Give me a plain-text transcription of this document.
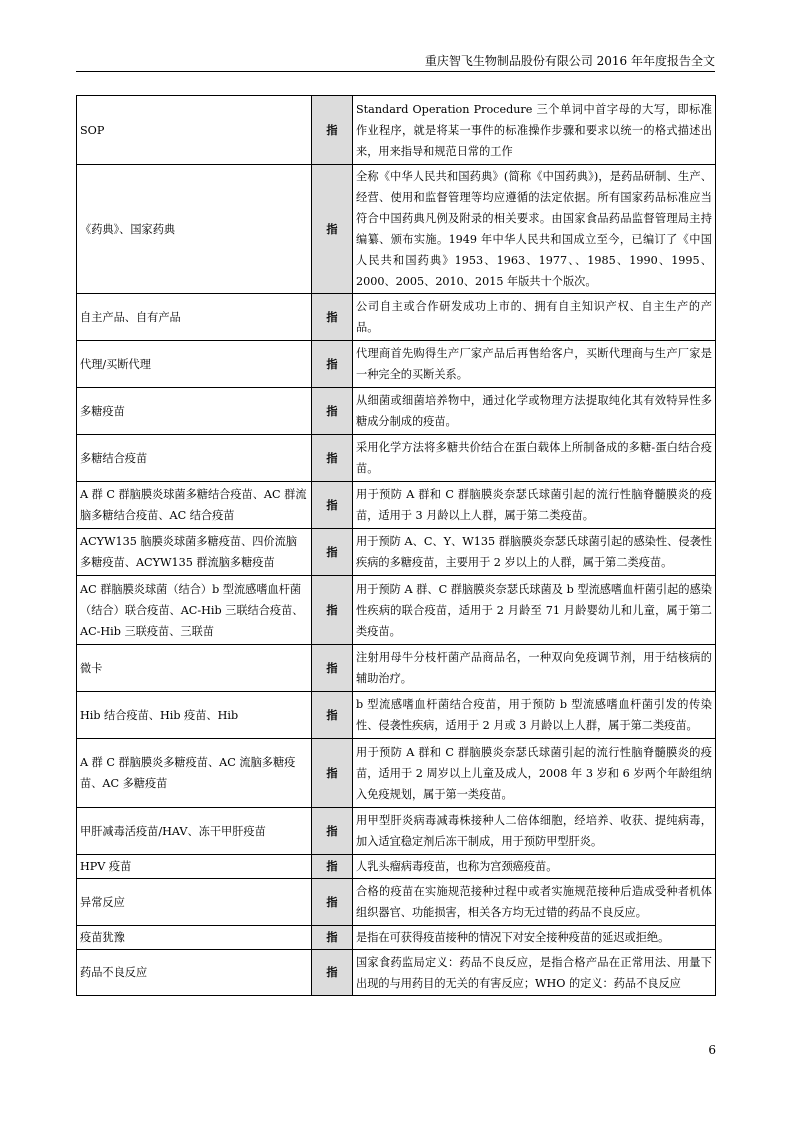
重庆智飞生物制品股份有限公司 2016 年年度报告全文
SOP	指	Standard Operation Procedure 三个单词中首字母的大写，即标准作业程序，就是将某一事件的标准操作步骤和要求以统一的格式描述出来，用来指导和规范日常的工作
《药典》、国家药典	指	全称《中华人民共和国药典》(简称《中国药典》)，是药品研制、生产、经营、使用和监督管理等均应遵循的法定依据。所有国家药品标准应当符合中国药典凡例及附录的相关要求。由国家食品药品监督管理局主持编纂、颁布实施。1949 年中华人民共和国成立至今，已编订了《中国人民共和国药典》1953、1963、1977、、1985、1990、1995、2000、2005、2010、2015 年版共十个版次。
自主产品、自有产品	指	公司自主或合作研发成功上市的、拥有自主知识产权、自主生产的产品。
代理/买断代理	指	代理商首先购得生产厂家产品后再售给客户，买断代理商与生产厂家是一种完全的买断关系。
多糖疫苗	指	从细菌或细菌培养物中，通过化学或物理方法提取纯化其有效特异性多糖成分制成的疫苗。
多糖结合疫苗	指	采用化学方法将多糖共价结合在蛋白载体上所制备成的多糖-蛋白结合疫苗。
A 群 C 群脑膜炎球菌多糖结合疫苗、AC 群流脑多糖结合疫苗、AC 结合疫苗	指	用于预防 A 群和 C 群脑膜炎奈瑟氏球菌引起的流行性脑脊髓膜炎的疫苗，适用于 3 月龄以上人群，属于第二类疫苗。
ACYW135 脑膜炎球菌多糖疫苗、四价流脑多糖疫苗、ACYW135 群流脑多糖疫苗	指	用于预防 A、C、Y、W135 群脑膜炎奈瑟氏球菌引起的感染性、侵袭性疾病的多糖疫苗，主要用于 2 岁以上的人群，属于第二类疫苗。
AC 群脑膜炎球菌（结合）b 型流感嗜血杆菌（结合）联合疫苗、AC-Hib 三联结合疫苗、AC-Hib 三联疫苗、三联苗	指	用于预防 A 群、C 群脑膜炎奈瑟氏球菌及 b 型流感嗜血杆菌引起的感染性疾病的联合疫苗，适用于 2 月龄至 71 月龄婴幼儿和儿童，属于第二类疫苗。
微卡	指	注射用母牛分枝杆菌产品商品名，一种双向免疫调节剂，用于结核病的辅助治疗。
Hib 结合疫苗、Hib 疫苗、Hib	指	b 型流感嗜血杆菌结合疫苗，用于预防 b 型流感嗜血杆菌引发的传染性、侵袭性疾病，适用于 2 月或 3 月龄以上人群，属于第二类疫苗。
A 群 C 群脑膜炎多糖疫苗、AC 流脑多糖疫苗、AC 多糖疫苗	指	用于预防 A 群和 C 群脑膜炎奈瑟氏球菌引起的流行性脑脊髓膜炎的疫苗，适用于 2 周岁以上儿童及成人，2008 年 3 岁和 6 岁两个年龄组纳入免疫规划，属于第一类疫苗。
甲肝减毒活疫苗/HAV、冻干甲肝疫苗	指	用甲型肝炎病毒减毒株接种人二倍体细胞，经培养、收获、提纯病毒，加入适宜稳定剂后冻干制成，用于预防甲型肝炎。
HPV 疫苗	指	人乳头瘤病毒疫苗，也称为宫颈癌疫苗。
异常反应	指	合格的疫苗在实施规范接种过程中或者实施规范接种后造成受种者机体组织器官、功能损害，相关各方均无过错的药品不良反应。
疫苗犹豫	指	是指在可获得疫苗接种的情况下对安全接种疫苗的延迟或拒绝。
药品不良反应	指	国家食药监局定义：药品不良反应，是指合格产品在正常用法、用量下出现的与用药目的无关的有害反应；WHO 的定义：药品不良反应
6
